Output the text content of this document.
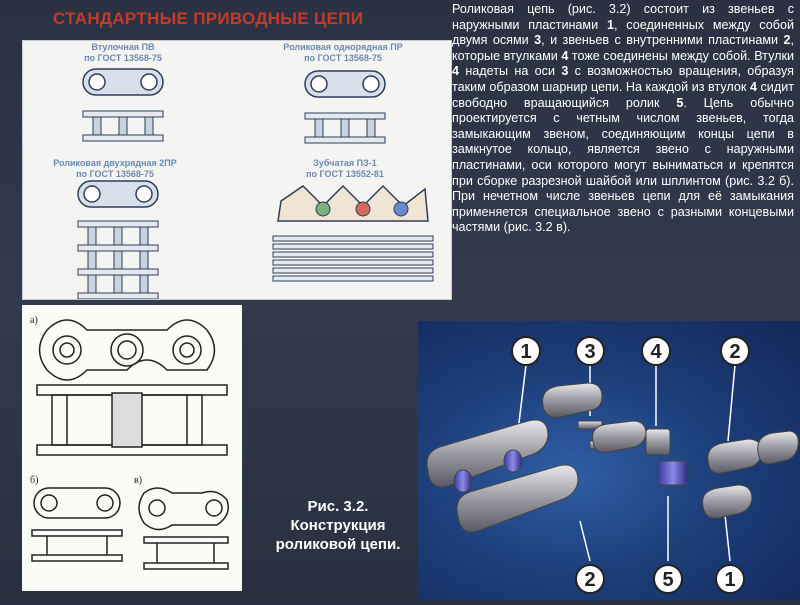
СТАНДАРТНЫЕ ПРИВОДНЫЕ ЦЕПИ	Роликовая цепь (рис. 3.2) состоит из звеньев с наружными пластинами 1, соединенных между собой двумя осями 3, и звеньев с внутренними пластинами 2, которые втулками 4 тоже соединены между собой. Втулки 4 надеты на оси 3 с возможностью вращения, образуя таким образом шарнир цепи. На каждой из втулок 4 сидит свободно вращающийся ролик 5. Цепь обычно проектируется с четным числом звеньев, тогда замыкающим звеном, соединяющим концы цепи в замкнутое кольцо, является звено с наружными пластинами, оси которого могут выниматься и крепятся при сборке разрезной шайбой или шплинтом (рис. 3.2 б). При нечетном числе звеньев цепи для её замыкания применяется специальное звено с разными концевыми частями (рис. 3.2 в).
Втулочная ПВ
по ГОСТ 13568-75
Роликовая однорядная ПР
по ГОСТ 13568-75
Роликовая двухрядная 2ПР
по ГОСТ 13568-75
Зубчатая ПЗ-1
по ГОСТ 13552-81
а)
б)	в)
Рис. 3.2.
Конструкция
роликовой цепи.
1	3	4	2
2	5	1
